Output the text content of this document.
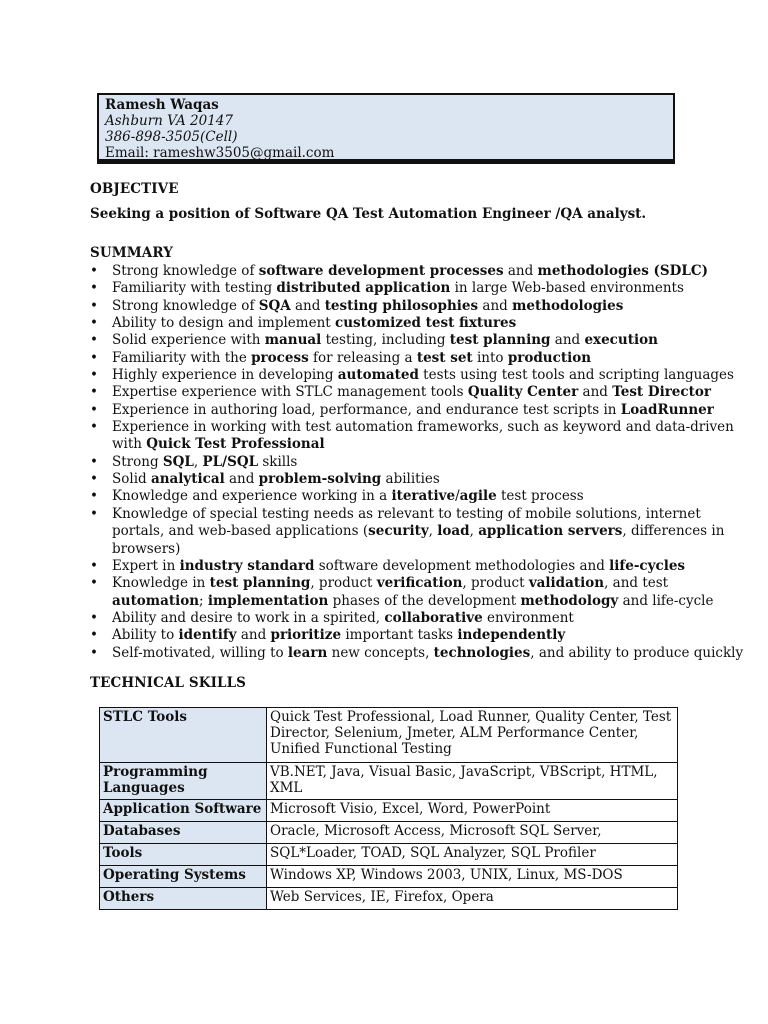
Ramesh Waqas
Ashburn VA 20147
386-898-3505(Cell)
Email: rameshw3505@gmail.com
OBJECTIVE
Seeking a position of Software QA Test Automation Engineer /QA analyst.
SUMMARY
• Strong knowledge of software development processes and methodologies (SDLC)
• Familiarity with testing distributed application in large Web-based environments
• Strong knowledge of SQA and testing philosophies and methodologies
• Ability to design and implement customized test fixtures
• Solid experience with manual testing, including test planning and execution
• Familiarity with the process for releasing a test set into production
• Highly experience in developing automated tests using test tools and scripting languages
• Expertise experience with STLC management tools Quality Center and Test Director
• Experience in authoring load, performance, and endurance test scripts in LoadRunner
• Experience in working with test automation frameworks, such as keyword and data-driven
with Quick Test Professional
• Strong SQL, PL/SQL skills
• Solid analytical and problem-solving abilities
• Knowledge and experience working in a iterative/agile test process
• Knowledge of special testing needs as relevant to testing of mobile solutions, internet
portals, and web-based applications (security, load, application servers, differences in
browsers)
• Expert in industry standard software development methodologies and life-cycles
• Knowledge in test planning, product verification, product validation, and test
automation; implementation phases of the development methodology and life-cycle
• Ability and desire to work in a spirited, collaborative environment
• Ability to identify and prioritize important tasks independently
• Self-motivated, willing to learn new concepts, technologies, and ability to produce quickly
TECHNICAL SKILLS
STLC Tools	Quick Test Professional, Load Runner, Quality Center, Test Director, Selenium, Jmeter, ALM Performance Center, Unified Functional Testing
Programming Languages	VB.NET, Java, Visual Basic, JavaScript, VBScript, HTML, XML
Application Software	Microsoft Visio, Excel, Word, PowerPoint
Databases	Oracle, Microsoft Access, Microsoft SQL Server,
Tools	SQL*Loader, TOAD, SQL Analyzer, SQL Profiler
Operating Systems	Windows XP, Windows 2003, UNIX, Linux, MS-DOS
Others	Web Services, IE, Firefox, Opera
